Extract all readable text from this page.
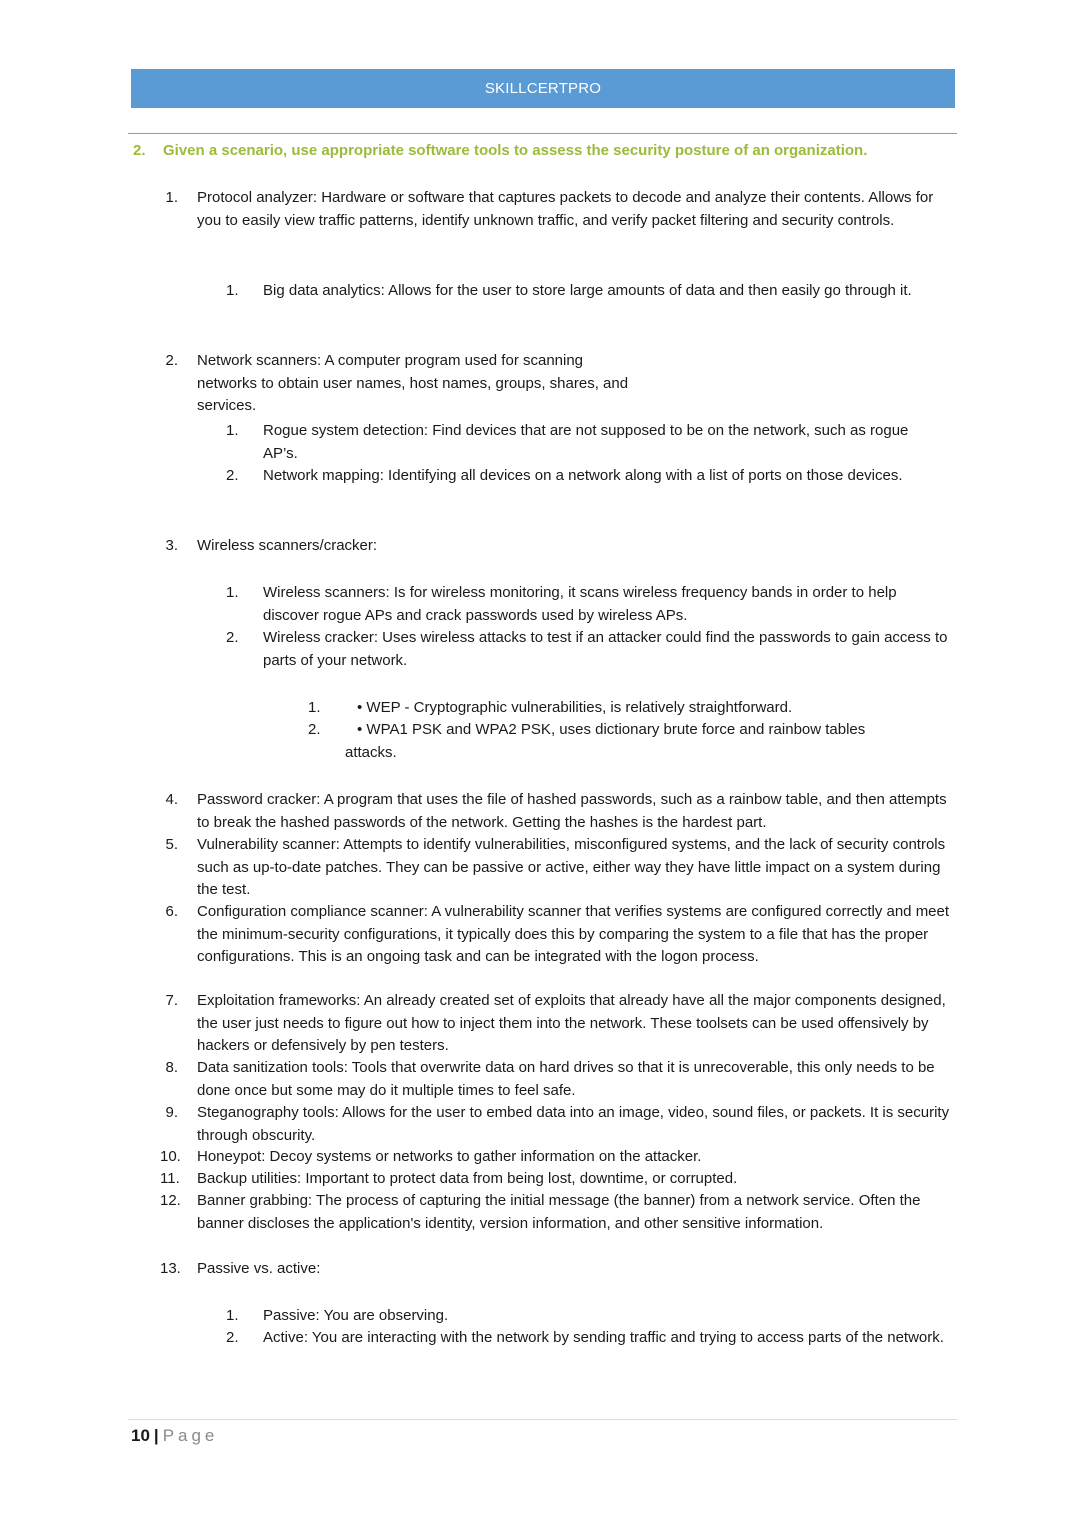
SKILLCERTPRO
2. Given a scenario, use appropriate software tools to assess the security posture of an organization.
1. Protocol analyzer: Hardware or software that captures packets to decode and analyze their contents. Allows for you to easily view traffic patterns, identify unknown traffic, and verify packet filtering and security controls.
1. Big data analytics: Allows for the user to store large amounts of data and then easily go through it.
2. Network scanners: A computer program used for scanning networks to obtain user names, host names, groups, shares, and services.
1. Rogue system detection: Find devices that are not supposed to be on the network, such as rogue AP’s.
2. Network mapping: Identifying all devices on a network along with a list of ports on those devices.
3. Wireless scanners/cracker:
1. Wireless scanners: Is for wireless monitoring, it scans wireless frequency bands in order to help discover rogue APs and crack passwords used by wireless APs.
2. Wireless cracker: Uses wireless attacks to test if an attacker could find the passwords to gain access to parts of your network.
1.	• WEP - Cryptographic vulnerabilities, is relatively straightforward.
2.	• WPA1 PSK and WPA2 PSK, uses dictionary brute force and rainbow tables attacks.
4. Password cracker: A program that uses the file of hashed passwords, such as a rainbow table, and then attempts to break the hashed passwords of the network. Getting the hashes is the hardest part.
5. Vulnerability scanner: Attempts to identify vulnerabilities, misconfigured systems, and the lack of security controls such as up-to-date patches. They can be passive or active, either way they have little impact on a system during the test.
6. Configuration compliance scanner: A vulnerability scanner that verifies systems are configured correctly and meet the minimum-security configurations, it typically does this by comparing the system to a file that has the proper configurations. This is an ongoing task and can be integrated with the logon process.
7. Exploitation frameworks: An already created set of exploits that already have all the major components designed, the user just needs to figure out how to inject them into the network. These toolsets can be used offensively by hackers or defensively by pen testers.
8. Data sanitization tools: Tools that overwrite data on hard drives so that it is unrecoverable, this only needs to be done once but some may do it multiple times to feel safe.
9. Steganography tools: Allows for the user to embed data into an image, video, sound files, or packets. It is security through obscurity.
10. Honeypot: Decoy systems or networks to gather information on the attacker.
11. Backup utilities: Important to protect data from being lost, downtime, or corrupted.
12. Banner grabbing: The process of capturing the initial message (the banner) from a network service. Often the banner discloses the application's identity, version information, and other sensitive information.
13. Passive vs. active:
1. Passive: You are observing.
2. Active: You are interacting with the network by sending traffic and trying to access parts of the network.
10 | Page
